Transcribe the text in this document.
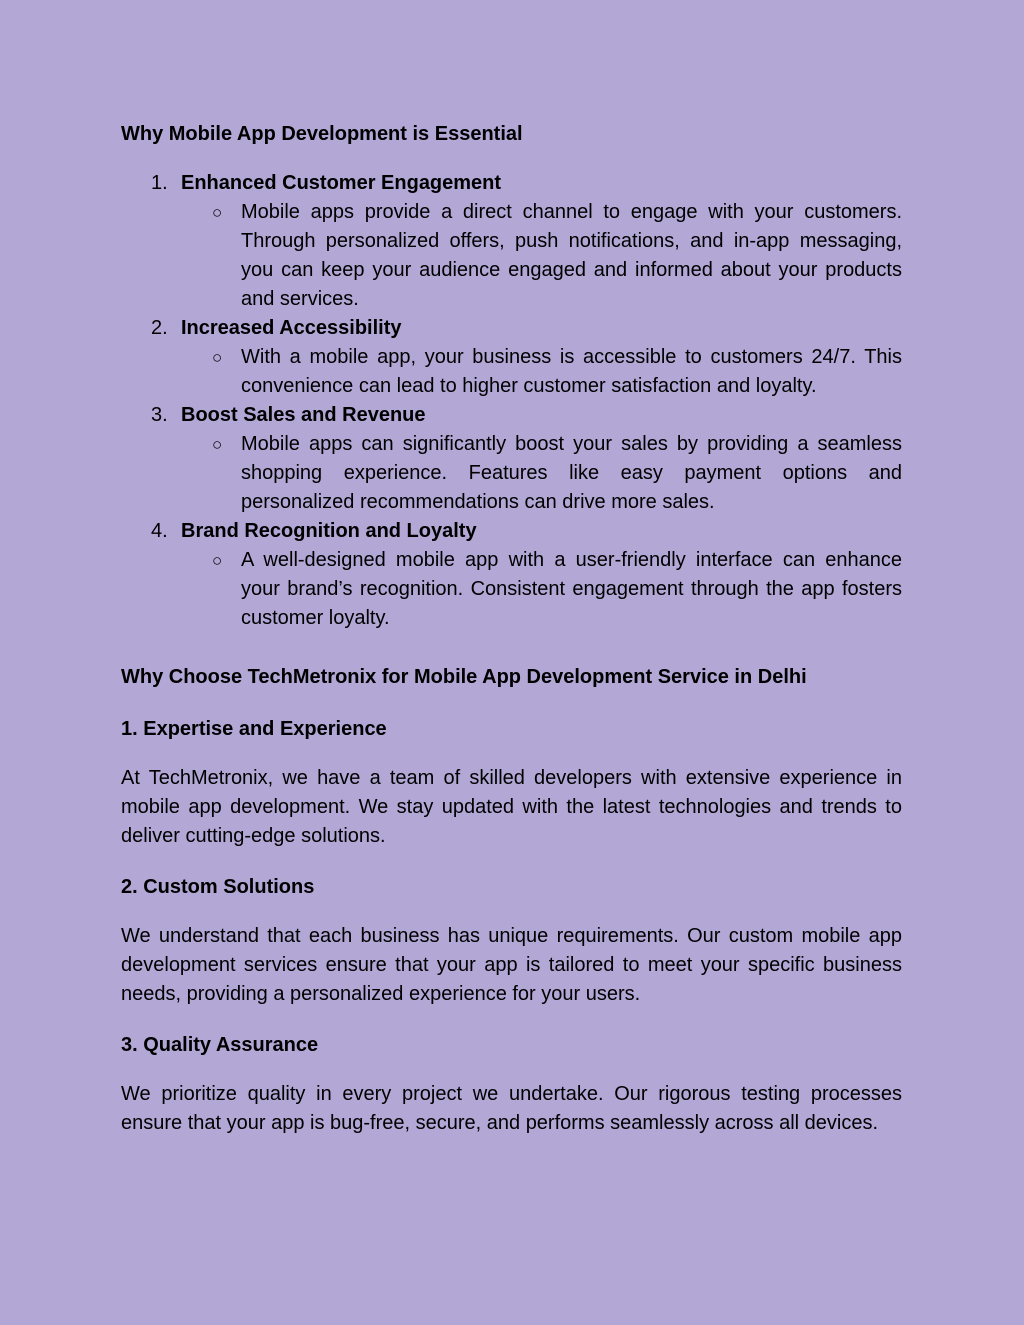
Why Mobile App Development is Essential
1. Enhanced Customer Engagement
○ Mobile apps provide a direct channel to engage with your customers. Through personalized offers, push notifications, and in-app messaging, you can keep your audience engaged and informed about your products and services.
2. Increased Accessibility
○ With a mobile app, your business is accessible to customers 24/7. This convenience can lead to higher customer satisfaction and loyalty.
3. Boost Sales and Revenue
○ Mobile apps can significantly boost your sales by providing a seamless shopping experience. Features like easy payment options and personalized recommendations can drive more sales.
4. Brand Recognition and Loyalty
○ A well-designed mobile app with a user-friendly interface can enhance your brand’s recognition. Consistent engagement through the app fosters customer loyalty.
Why Choose TechMetronix for Mobile App Development Service in Delhi
1. Expertise and Experience

At TechMetronix, we have a team of skilled developers with extensive experience in mobile app development. We stay updated with the latest technologies and trends to deliver cutting-edge solutions.

2. Custom Solutions

We understand that each business has unique requirements. Our custom mobile app development services ensure that your app is tailored to meet your specific business needs, providing a personalized experience for your users.

3. Quality Assurance

We prioritize quality in every project we undertake. Our rigorous testing processes ensure that your app is bug-free, secure, and performs seamlessly across all devices.
